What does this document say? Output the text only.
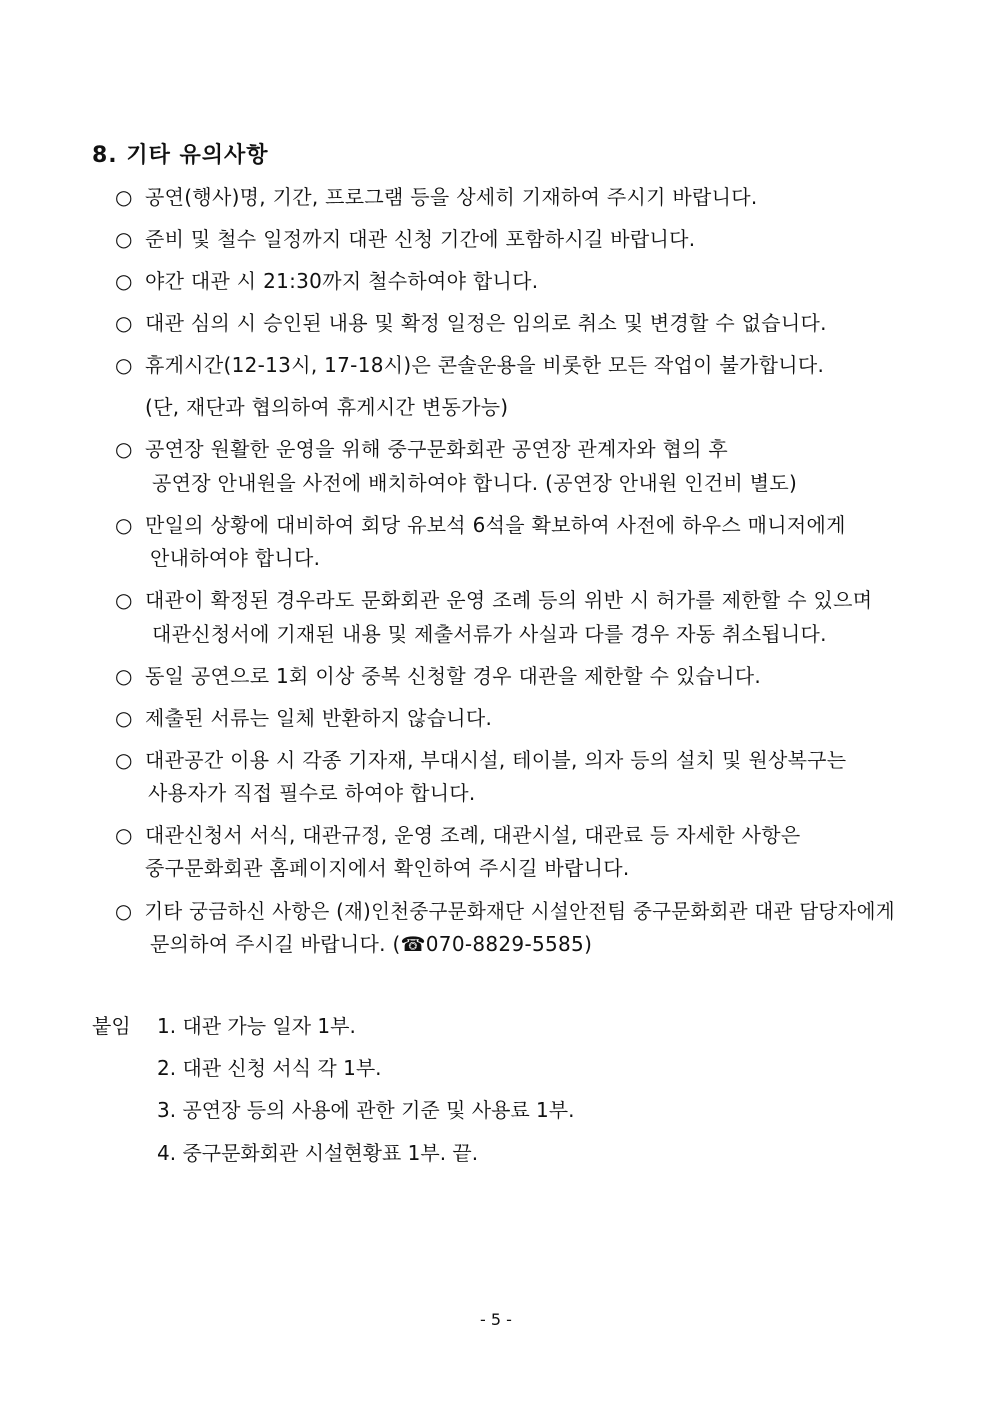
8. 기타 유의사항
○ 공연(행사)명, 기간, 프로그램 등을 상세히 기재하여 주시기 바랍니다.
○ 준비 및 철수 일정까지 대관 신청 기간에 포함하시길 바랍니다.
○ 야간 대관 시 21:30까지 철수하여야 합니다.
○ 대관 심의 시 승인된 내용 및 확정 일정은 임의로 취소 및 변경할 수 없습니다.
○ 휴게시간(12-13시, 17-18시)은 콘솔운용을 비롯한 모든 작업이 불가합니다.
(단, 재단과 협의하여 휴게시간 변동가능)
○ 공연장 원활한 운영을 위해 중구문화회관 공연장 관계자와 협의 후
공연장 안내원을 사전에 배치하여야 합니다. (공연장 안내원 인건비 별도)
○ 만일의 상황에 대비하여 회당 유보석 6석을 확보하여 사전에 하우스 매니저에게
안내하여야 합니다.
○ 대관이 확정된 경우라도 문화회관 운영 조례 등의 위반 시 허가를 제한할 수 있으며
대관신청서에 기재된 내용 및 제출서류가 사실과 다를 경우 자동 취소됩니다.
○ 동일 공연으로 1회 이상 중복 신청할 경우 대관을 제한할 수 있습니다.
○ 제출된 서류는 일체 반환하지 않습니다.
○ 대관공간 이용 시 각종 기자재, 부대시설, 테이블, 의자 등의 설치 및 원상복구는
사용자가 직접 필수로 하여야 합니다.
○ 대관신청서 서식, 대관규정, 운영 조례, 대관시설, 대관료 등 자세한 사항은
중구문화회관 홈페이지에서 확인하여 주시길 바랍니다.
○ 기타 궁금하신 사항은 (재)인천중구문화재단 시설안전팀 중구문화회관 대관 담당자에게
문의하여 주시길 바랍니다. (☎070-8829-5585)
붙임 1. 대관 가능 일자 1부.
2. 대관 신청 서식 각 1부.
3. 공연장 등의 사용에 관한 기준 및 사용료 1부.
4. 중구문화회관 시설현황표 1부. 끝.
- 5 -
